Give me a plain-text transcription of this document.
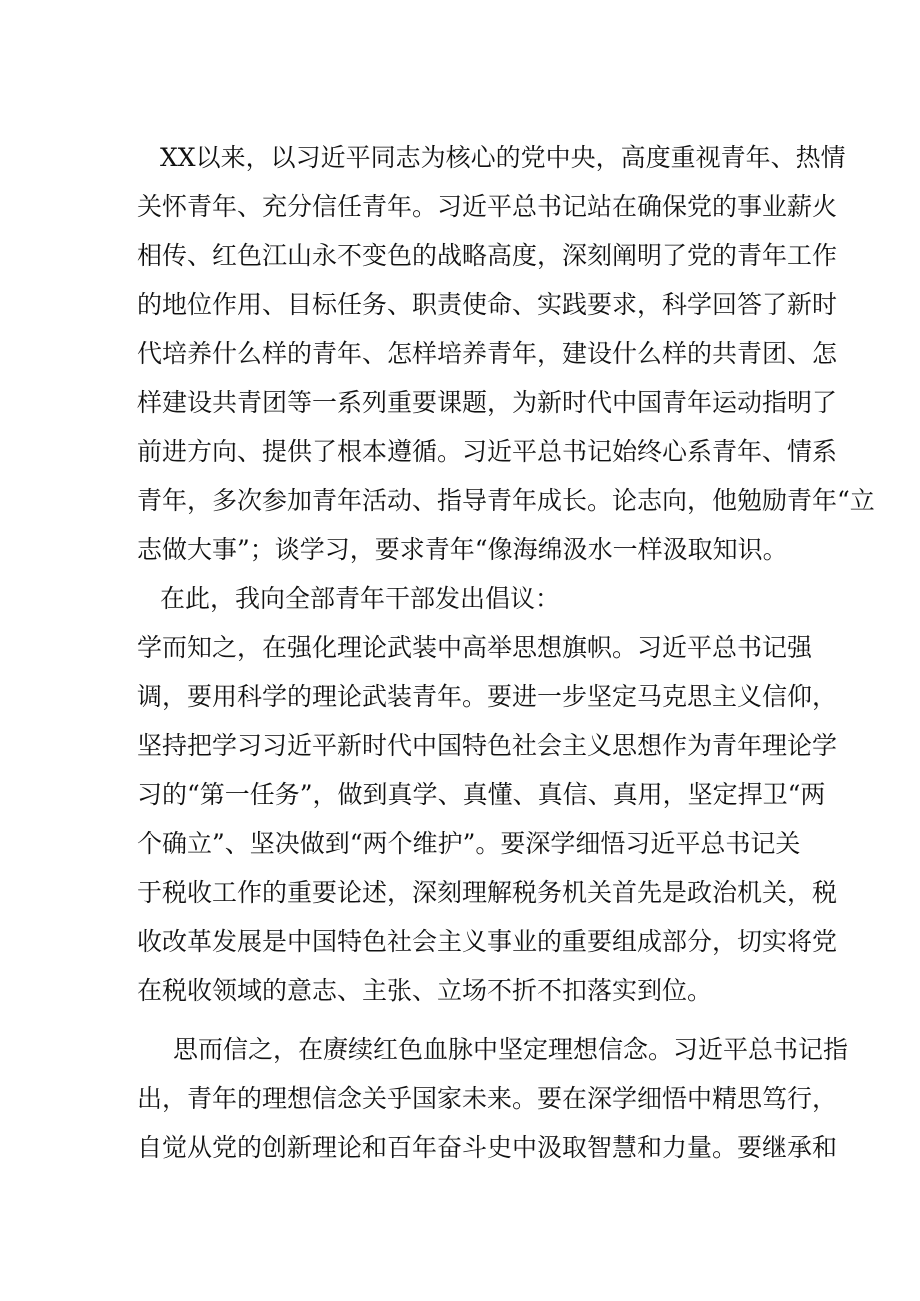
XX以来，以习近平同志为核心的党中央，高度重视青年、热情
关怀青年、充分信任青年。习近平总书记站在确保党的事业薪火
相传、红色江山永不变色的战略高度，深刻阐明了党的青年工作
的地位作用、目标任务、职责使命、实践要求，科学回答了新时
代培养什么样的青年、怎样培养青年，建设什么样的共青团、怎
样建设共青团等一系列重要课题，为新时代中国青年运动指明了
前进方向、提供了根本遵循。习近平总书记始终心系青年、情系
青年，多次参加青年活动、指导青年成长。论志向，他勉励青年“立
志做大事”；谈学习，要求青年“像海绵汲水一样汲取知识。
在此，我向全部青年干部发出倡议：
学而知之，在强化理论武装中高举思想旗帜。习近平总书记强
调，要用科学的理论武装青年。要进一步坚定马克思主义信仰，
坚持把学习习近平新时代中国特色社会主义思想作为青年理论学
习的“第一任务”，做到真学、真懂、真信、真用，坚定捍卫“两
个确立”、坚决做到“两个维护”。要深学细悟习近平总书记关
于税收工作的重要论述，深刻理解税务机关首先是政治机关，税
收改革发展是中国特色社会主义事业的重要组成部分，切实将党
在税收领域的意志、主张、立场不折不扣落实到位。
思而信之，在赓续红色血脉中坚定理想信念。习近平总书记指
出，青年的理想信念关乎国家未来。要在深学细悟中精思笃行，
自觉从党的创新理论和百年奋斗史中汲取智慧和力量。要继承和
